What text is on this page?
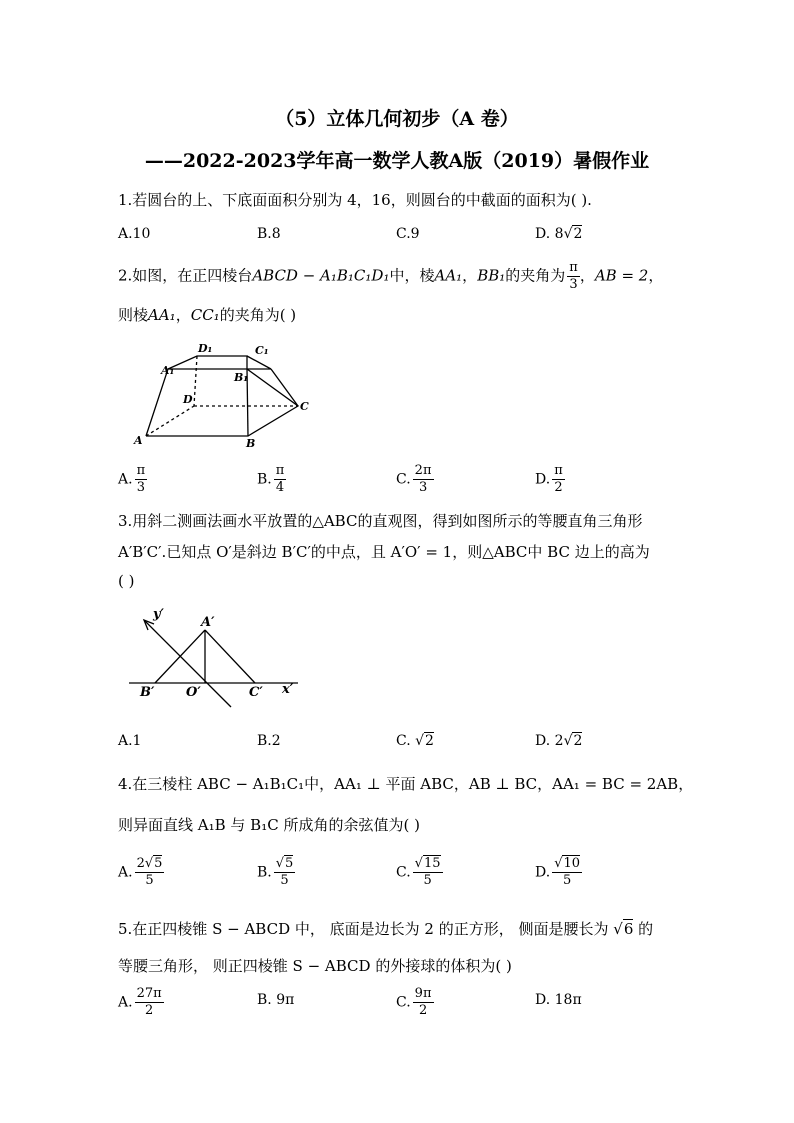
（5）立体几何初步（A 卷）
——2022-2023学年高一数学人教A版（2019）暑假作业
1.若圆台的上、下底面面积分别为 4，16，则圆台的中截面的面积为( ).
A.10	B.8	C.9	D. 8√2
2.如图，在正四棱台ABCD − A₁B₁C₁D₁中，棱AA₁，BB₁的夹角为 $\frac{\pi}{3}$ ，AB = 2，
则棱AA₁，CC₁的夹角为( )
D₁	C₁
A₁
B₁
D
C
A	B
A. $\frac{\pi}{3}$	B. $\frac{\pi}{4}$	C. $\frac{2\pi}{3}$	D. $\frac{\pi}{2}$
3.用斜二测画法画水平放置的△ABC的直观图，得到如图所示的等腰直角三角形
A′B′C′.已知点 O′是斜边 B′C′的中点，且 A′O′ = 1，则△ABC中 BC 边上的高为
( )
y′
A′
B′ O′	C′ x′
A.1	B.2	C. √2	D. 2√2
4.在三棱柱 ABC − A₁B₁C₁中，AA₁ ⊥ 平面 ABC，AB ⊥ BC，AA₁ = BC = 2AB，
则异面直线 A₁B 与 B₁C 所成角的余弦值为( )
A. $\frac{2√5}{5}$	B. $\frac{√5}{5}$	C. $\frac{√15}{5}$	D. $\frac{√10}{5}$
5.在正四棱锥 S − ABCD 中， 底面是边长为 2 的正方形， 侧面是腰长为 √6 的
等腰三角形， 则正四棱锥 S − ABCD 的外接球的体积为( )
A. $\frac{27\pi}{2}$	B. 9π	C. $\frac{9\pi}{2}$	D. 18π
